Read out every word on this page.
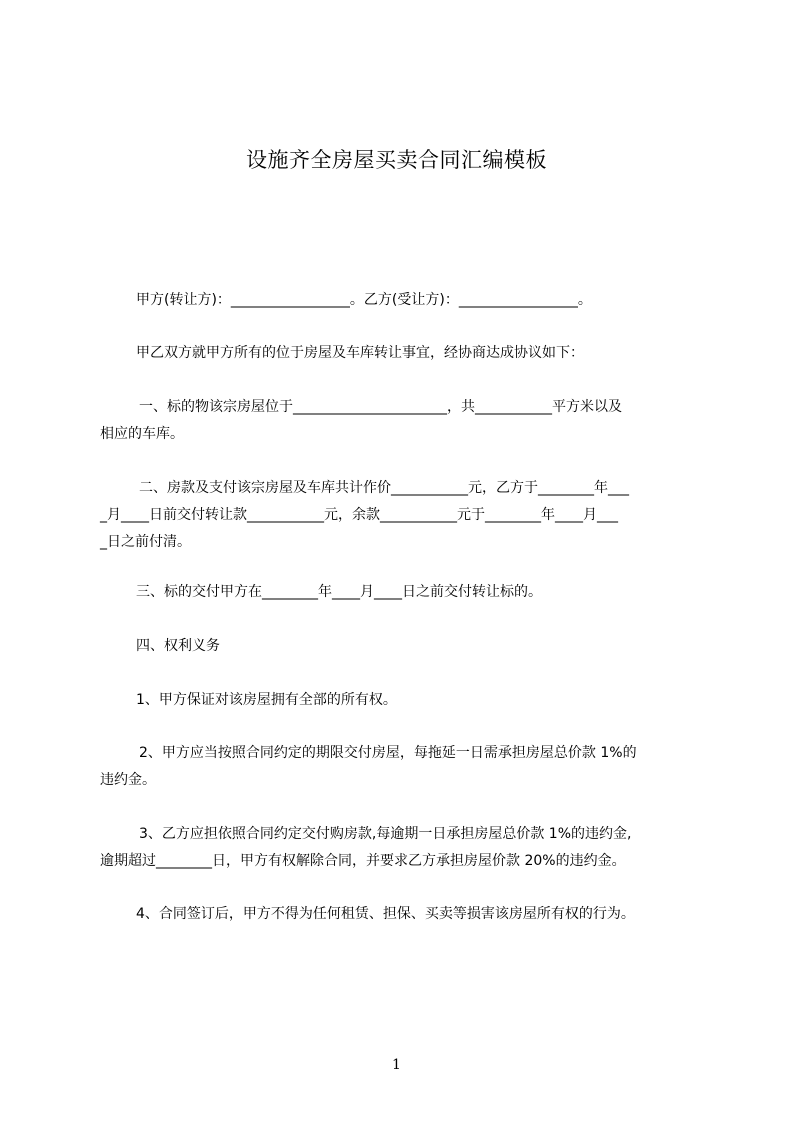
设施齐全房屋买卖合同汇编模板
甲方(转让方)：_________________。乙方(受让方)：_________________。
甲乙双方就甲方所有的位于房屋及车库转让事宜，经协商达成协议如下：
一、标的物该宗房屋位于______________________，共___________平方米以及
相应的车库。
二、房款及支付该宗房屋及车库共计作价___________元，乙方于________年___
_月____日前交付转让款___________元，余款___________元于________年____月___
_日之前付清。
三、标的交付甲方在________年____月____日之前交付转让标的。
四、权利义务
1、甲方保证对该房屋拥有全部的所有权。
2、甲方应当按照合同约定的期限交付房屋，每拖延一日需承担房屋总价款 1%的
违约金。
3、乙方应担依照合同约定交付购房款,每逾期一日承担房屋总价款 1%的违约金,
逾期超过________日，甲方有权解除合同，并要求乙方承担房屋价款 20%的违约金。
4、合同签订后，甲方不得为任何租赁、担保、买卖等损害该房屋所有权的行为。
1
